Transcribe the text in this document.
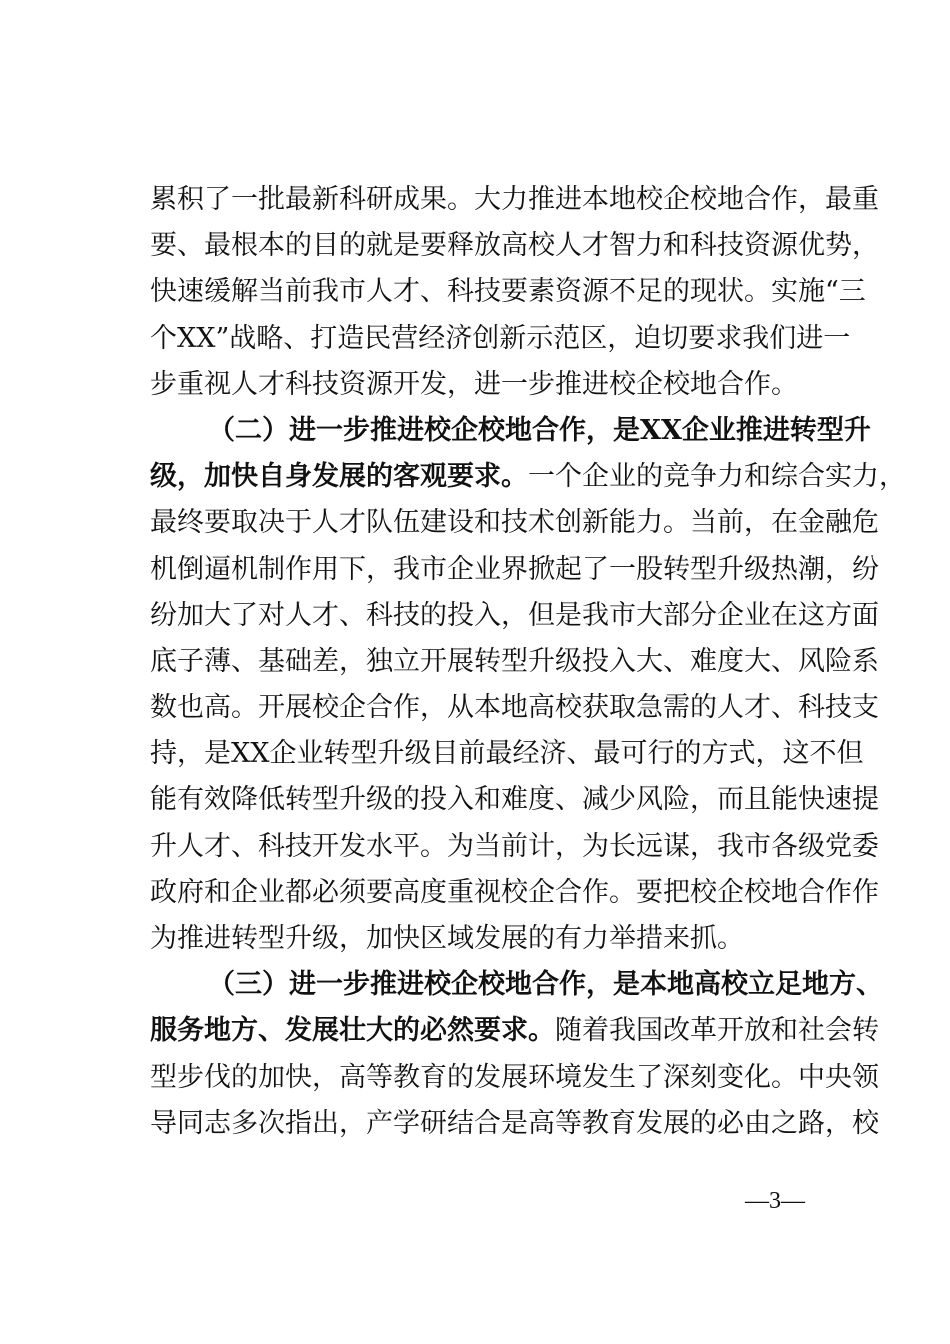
累积了一批最新科研成果。大力推进本地校企校地合作，最重
要、最根本的目的就是要释放高校人才智力和科技资源优势，
快速缓解当前我市人才、科技要素资源不足的现状。实施“三
个XX”战略、打造民营经济创新示范区，迫切要求我们进一
步重视人才科技资源开发，进一步推进校企校地合作。
（二）进一步推进校企校地合作，是XX企业推进转型升
级，加快自身发展的客观要求。一个企业的竞争力和综合实力，
最终要取决于人才队伍建设和技术创新能力。当前，在金融危
机倒逼机制作用下，我市企业界掀起了一股转型升级热潮，纷
纷加大了对人才、科技的投入，但是我市大部分企业在这方面
底子薄、基础差，独立开展转型升级投入大、难度大、风险系
数也高。开展校企合作，从本地高校获取急需的人才、科技支
持，是XX企业转型升级目前最经济、最可行的方式，这不但
能有效降低转型升级的投入和难度、减少风险，而且能快速提
升人才、科技开发水平。为当前计，为长远谋，我市各级党委
政府和企业都必须要高度重视校企合作。要把校企校地合作作
为推进转型升级，加快区域发展的有力举措来抓。
（三）进一步推进校企校地合作，是本地高校立足地方、
服务地方、发展壮大的必然要求。随着我国改革开放和社会转
型步伐的加快，高等教育的发展环境发生了深刻变化。中央领
导同志多次指出，产学研结合是高等教育发展的必由之路，校
—3—
